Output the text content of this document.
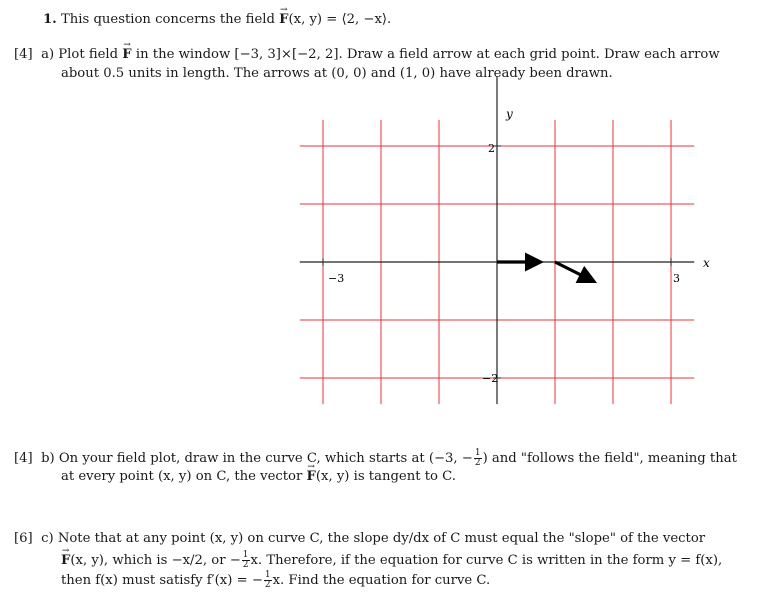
1. This question concerns the field → F(x, y) = ⟨2, −x⟩.
[4] a) Plot field → F in the window [−3, 3]×[−2, 2]. Draw a field arrow at each grid point. Draw each arrow
about 0.5 units in length. The arrows at (0, 0) and (1, 0) have already been drawn.
y
x
−3	3
2
−2
[4] b) On your field plot, draw in the curve C, which starts at (−3, − $\frac{1}{2}$ ) and "follows the field", meaning that
at every point (x, y) on C, the vector → F(x, y) is tangent to C.
[6] c) Note that at any point (x, y) on curve C, the slope dy/dx of C must equal the "slope" of the vector
→ F(x, y), which is −x/2, or − $\frac{1}{2} x$. Therefore, if the equation for curve C is written in the form y = f(x),
then f(x) must satisfy f′(x) = − $\frac{1}{2} x$. Find the equation for curve C.
